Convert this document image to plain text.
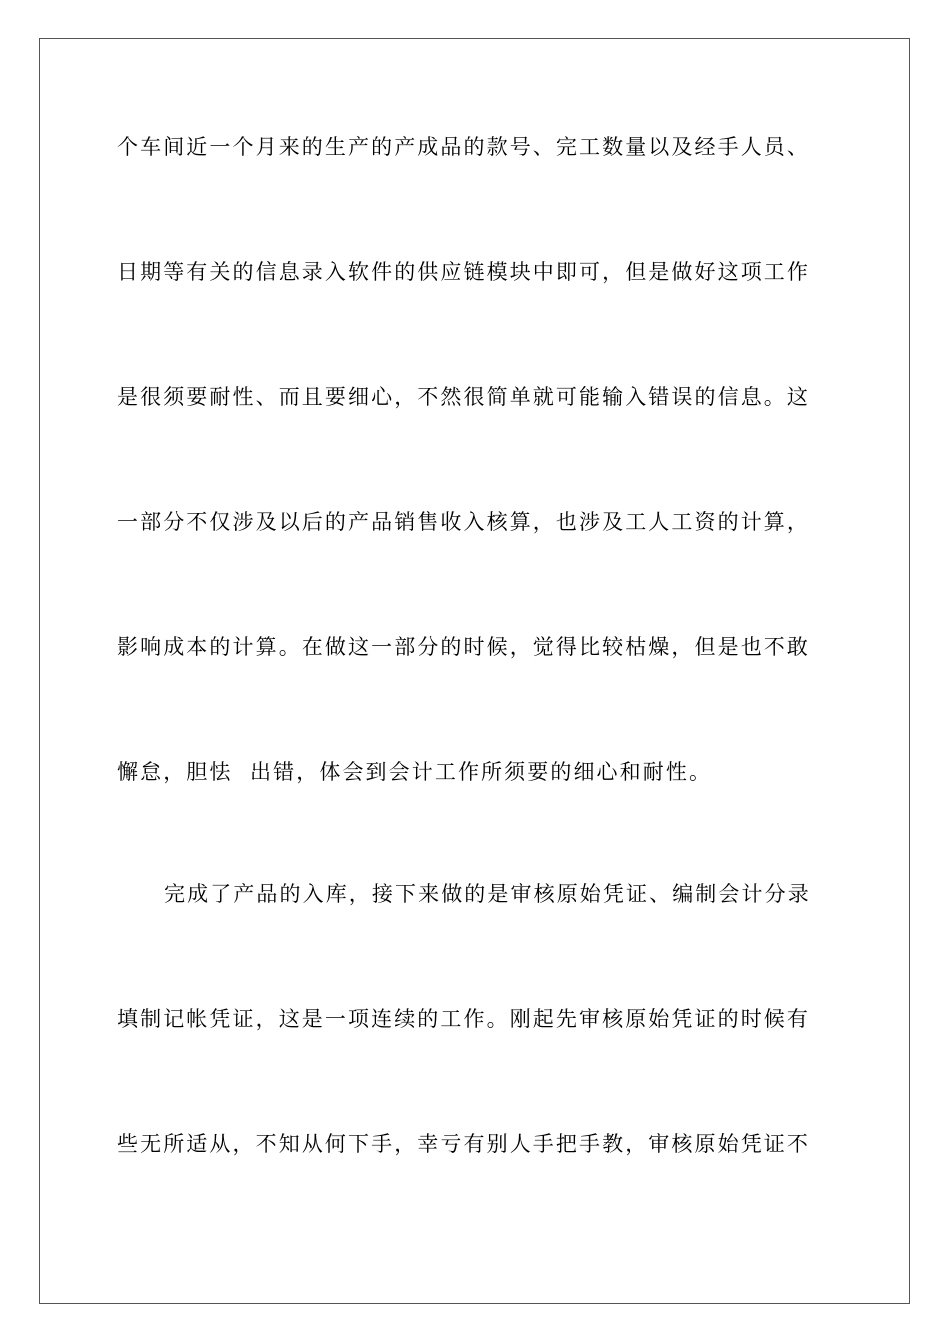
个车间近一个月来的生产的产成品的款号、完工数量以及经手人员、
日期等有关的信息录入软件的供应链模块中即可，但是做好这项工作
是很须要耐性、而且要细心，不然很简单就可能输入错误的信息。这
一部分不仅涉及以后的产品销售收入核算，也涉及工人工资的计算，
影响成本的计算。在做这一部分的时候，觉得比较枯燥，但是也不敢
懈怠，胆怯  出错，体会到会计工作所须要的细心和耐性。
完成了产品的入库，接下来做的是审核原始凭证、编制会计分录
填制记帐凭证，这是一项连续的工作。刚起先审核原始凭证的时候有
些无所适从，不知从何下手，幸亏有别人手把手教，审核原始凭证不
